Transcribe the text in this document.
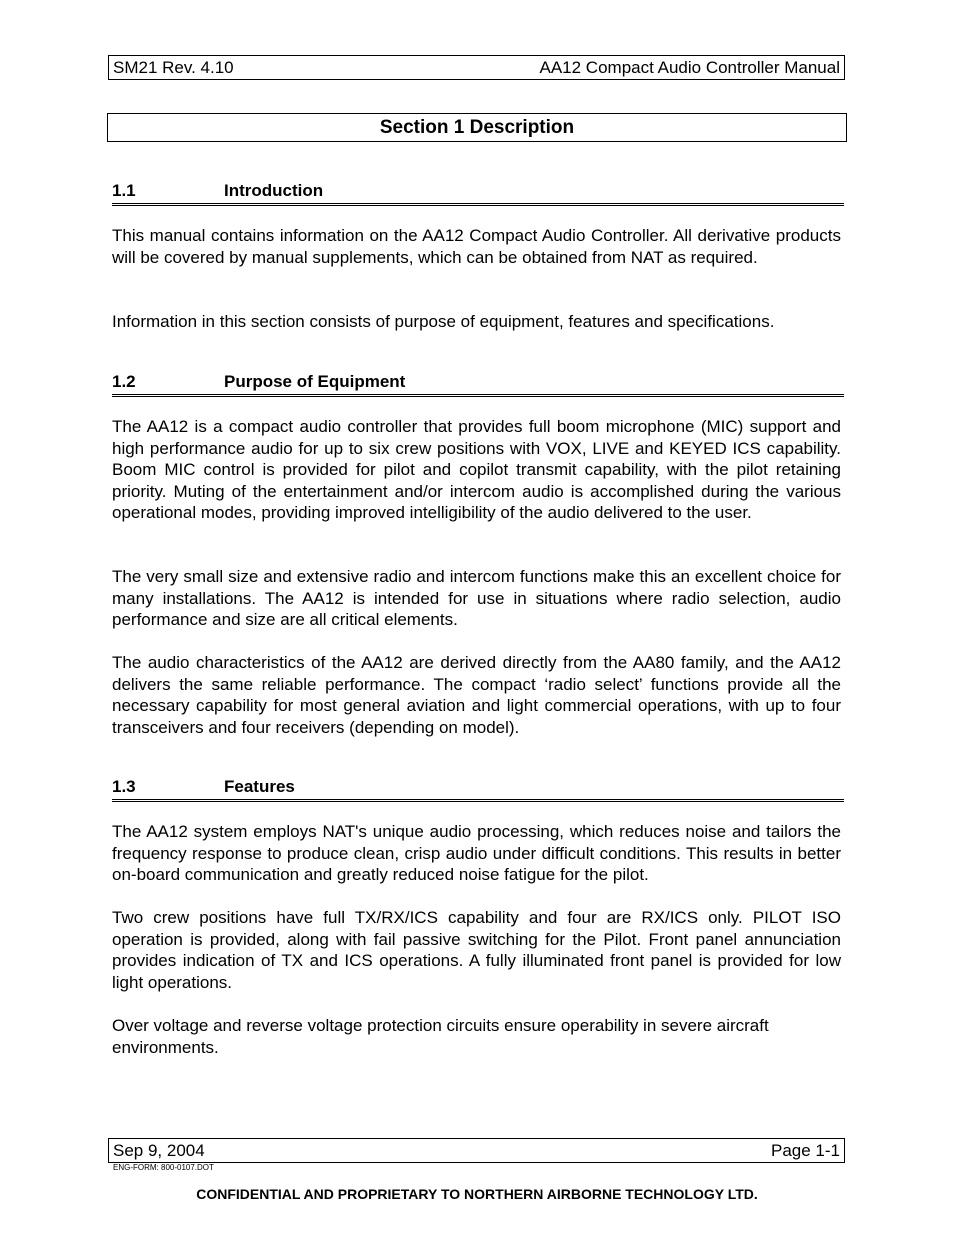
SM21 Rev. 4.10	AA12 Compact Audio Controller Manual
Section 1 Description
1.1	Introduction

This manual contains information on the AA12 Compact Audio Controller. All derivative products will be covered by manual supplements, which can be obtained from NAT as required.

Information in this section consists of purpose of equipment, features and specifications.

1.2	Purpose of Equipment

The AA12 is a compact audio controller that provides full boom microphone (MIC) support and high performance audio for up to six crew positions with VOX, LIVE and KEYED ICS capability. Boom MIC control is provided for pilot and copilot transmit capability, with the pilot retaining priority. Muting of the entertainment and/or intercom audio is accomplished during the various operational modes, providing improved intelligibility of the audio delivered to the user.

The very small size and extensive radio and intercom functions make this an excellent choice for many installations. The AA12 is intended for use in situations where radio selection, audio performance and size are all critical elements.

The audio characteristics of the AA12 are derived directly from the AA80 family, and the AA12 delivers the same reliable performance. The compact ‘radio select’ functions provide all the necessary capability for most general aviation and light commercial operations, with up to four transceivers and four receivers (depending on model).

1.3	Features

The AA12 system employs NAT's unique audio processing, which reduces noise and tailors the frequency response to produce clean, crisp audio under difficult conditions. This results in better on-board communication and greatly reduced noise fatigue for the pilot.

Two crew positions have full TX/RX/ICS capability and four are RX/ICS only. PILOT ISO operation is provided, along with fail passive switching for the Pilot. Front panel annunciation provides indication of TX and ICS operations. A fully illuminated front panel is provided for low light operations.

Over voltage and reverse voltage protection circuits ensure operability in severe aircraft environments.

Sep 9, 2004	Page 1-1
ENG-FORM: 800-0107.DOT
CONFIDENTIAL AND PROPRIETARY TO NORTHERN AIRBORNE TECHNOLOGY LTD.
